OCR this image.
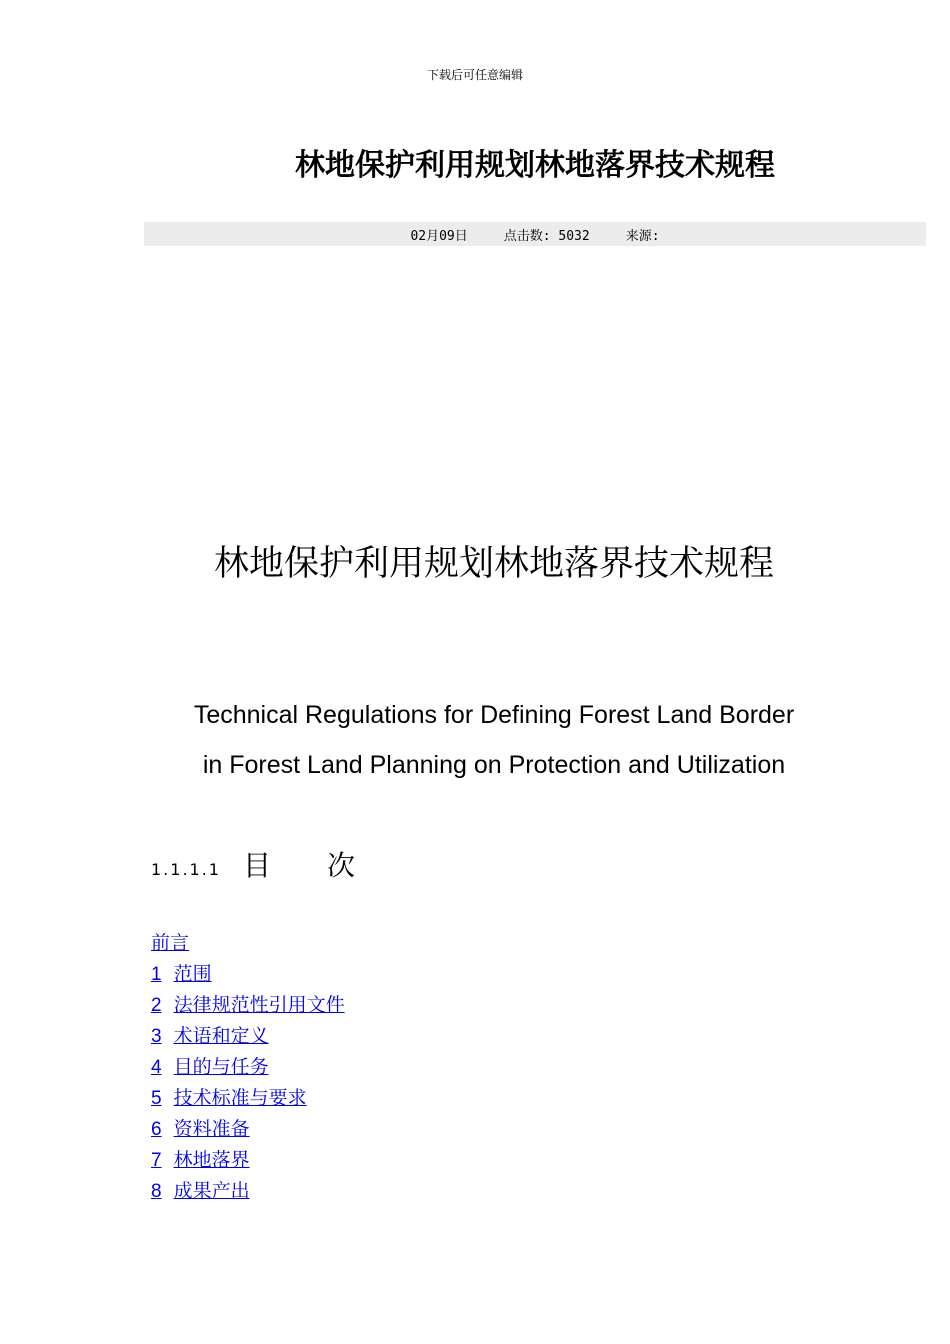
下载后可任意编辑
林地保护利用规划林地落界技术规程
02月09日	点击数: 5032	来源:
林地保护利用规划林地落界技术规程
Technical Regulations for Defining Forest Land Border
in Forest Land Planning on Protection and Utilization
1.1.1.1 目 次
前言
1 范围
2 法律规范性引用文件
3 术语和定义
4 目的与任务
5 技术标准与要求
6 资料准备
7 林地落界
8 成果产出
